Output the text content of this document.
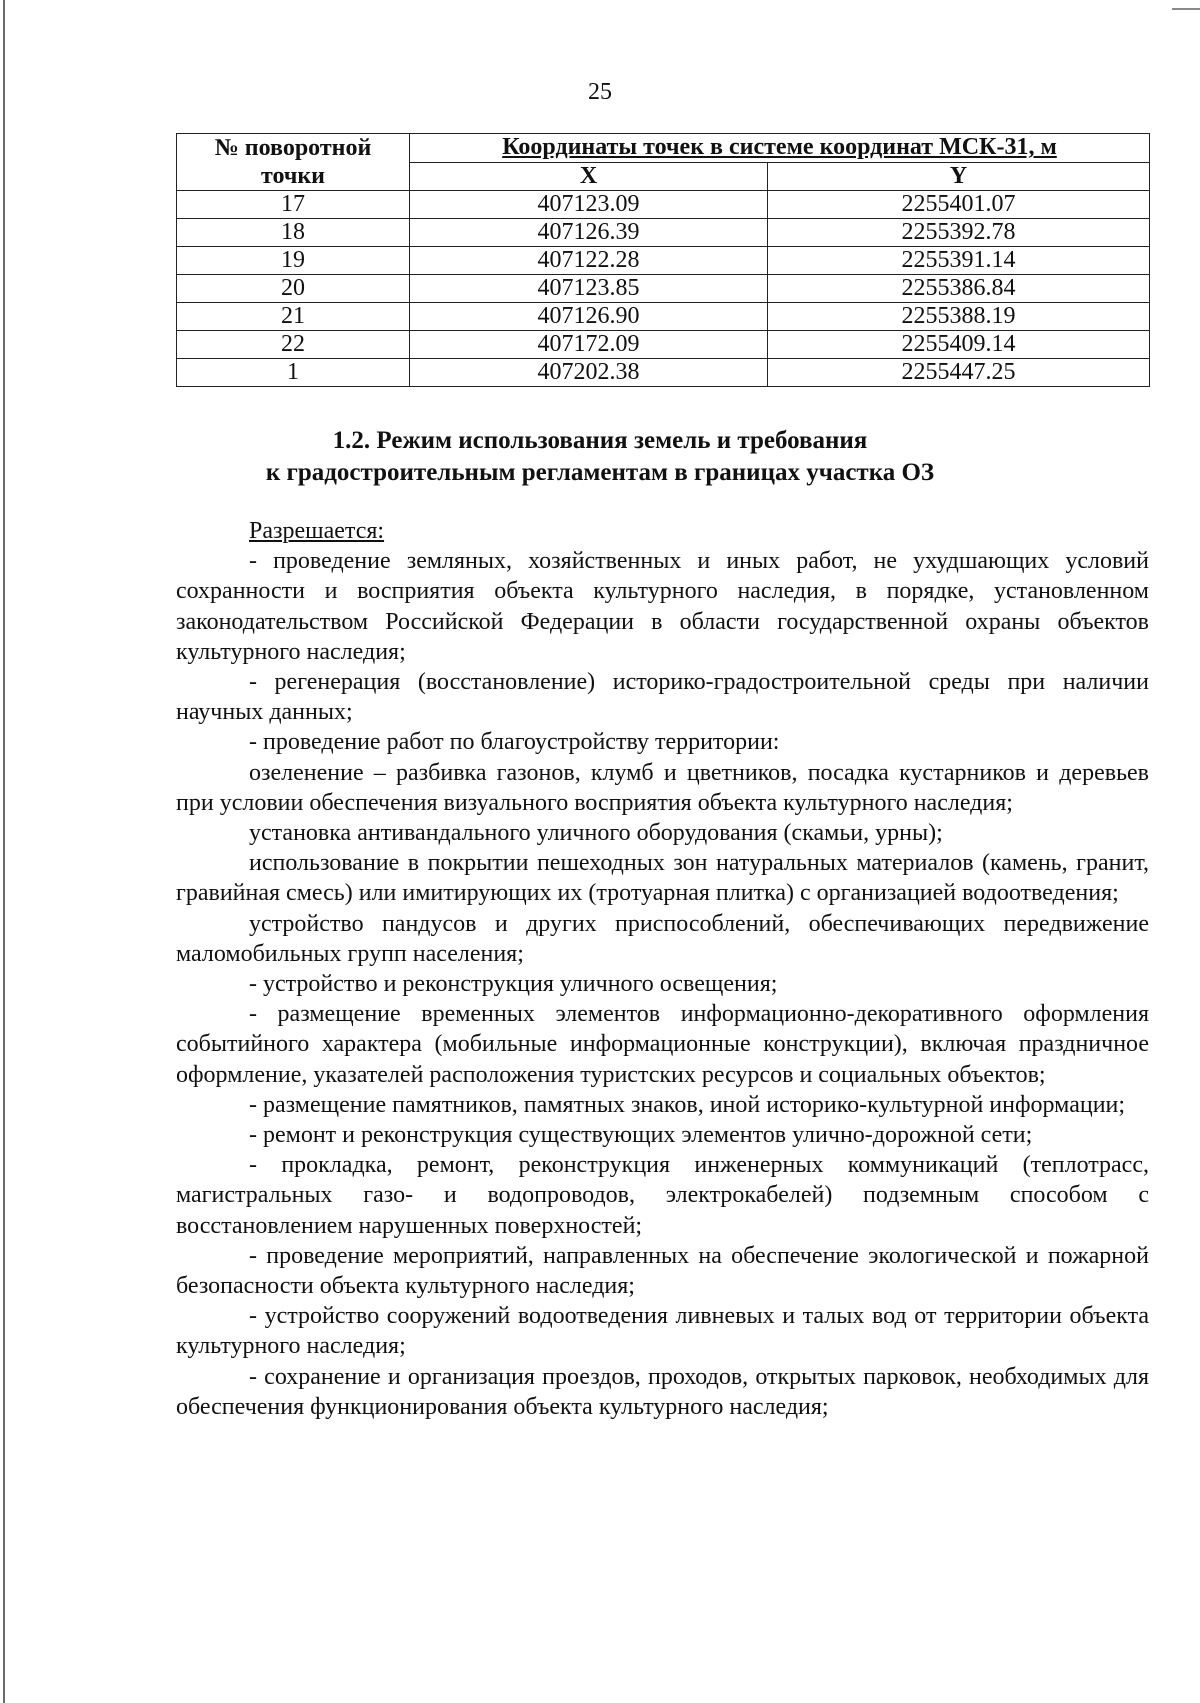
25
№ поворотной
точки	Координаты точек в системе координат МСК-31, м	
	X	Y
17	407123.09	2255401.07
18	407126.39	2255392.78
19	407122.28	2255391.14
20	407123.85	2255386.84
21	407126.90	2255388.19
22	407172.09	2255409.14
1	407202.38	2255447.25
1.2. Режим использования земель и требования
к градостроительным регламентам в границах участка ОЗ

Разрешается:

- проведение земляных, хозяйственных и иных работ, не ухудшающих условий сохранности и восприятия объекта культурного наследия, в порядке, установленном законодательством Российской Федерации в области государственной охраны объектов культурного наследия;

- регенерация (восстановление) историко-градостроительной среды при наличии научных данных;

- проведение работ по благоустройству территории:

озеленение – разбивка газонов, клумб и цветников, посадка кустарников и деревьев при условии обеспечения визуального восприятия объекта культурного наследия;

установка антивандального уличного оборудования (скамьи, урны);

использование в покрытии пешеходных зон натуральных материалов (камень, гранит, гравийная смесь) или имитирующих их (тротуарная плитка) с организацией водоотведения;

устройство пандусов и других приспособлений, обеспечивающих передвижение маломобильных групп населения;

- устройство и реконструкция уличного освещения;

- размещение временных элементов информационно-декоративного оформления событийного характера (мобильные информационные конструкции), включая праздничное оформление, указателей расположения туристских ресурсов и социальных объектов;

- размещение памятников, памятных знаков, иной историко-культурной информации;

- ремонт и реконструкция существующих элементов улично-дорожной сети;

- прокладка, ремонт, реконструкция инженерных коммуникаций (теплотрасс, магистральных газо- и водопроводов, электрокабелей) подземным способом с восстановлением нарушенных поверхностей;

- проведение мероприятий, направленных на обеспечение экологической и пожарной безопасности объекта культурного наследия;

- устройство сооружений водоотведения ливневых и талых вод от территории объекта культурного наследия;

- сохранение и организация проездов, проходов, открытых парковок, необходимых для обеспечения функционирования объекта культурного наследия;
